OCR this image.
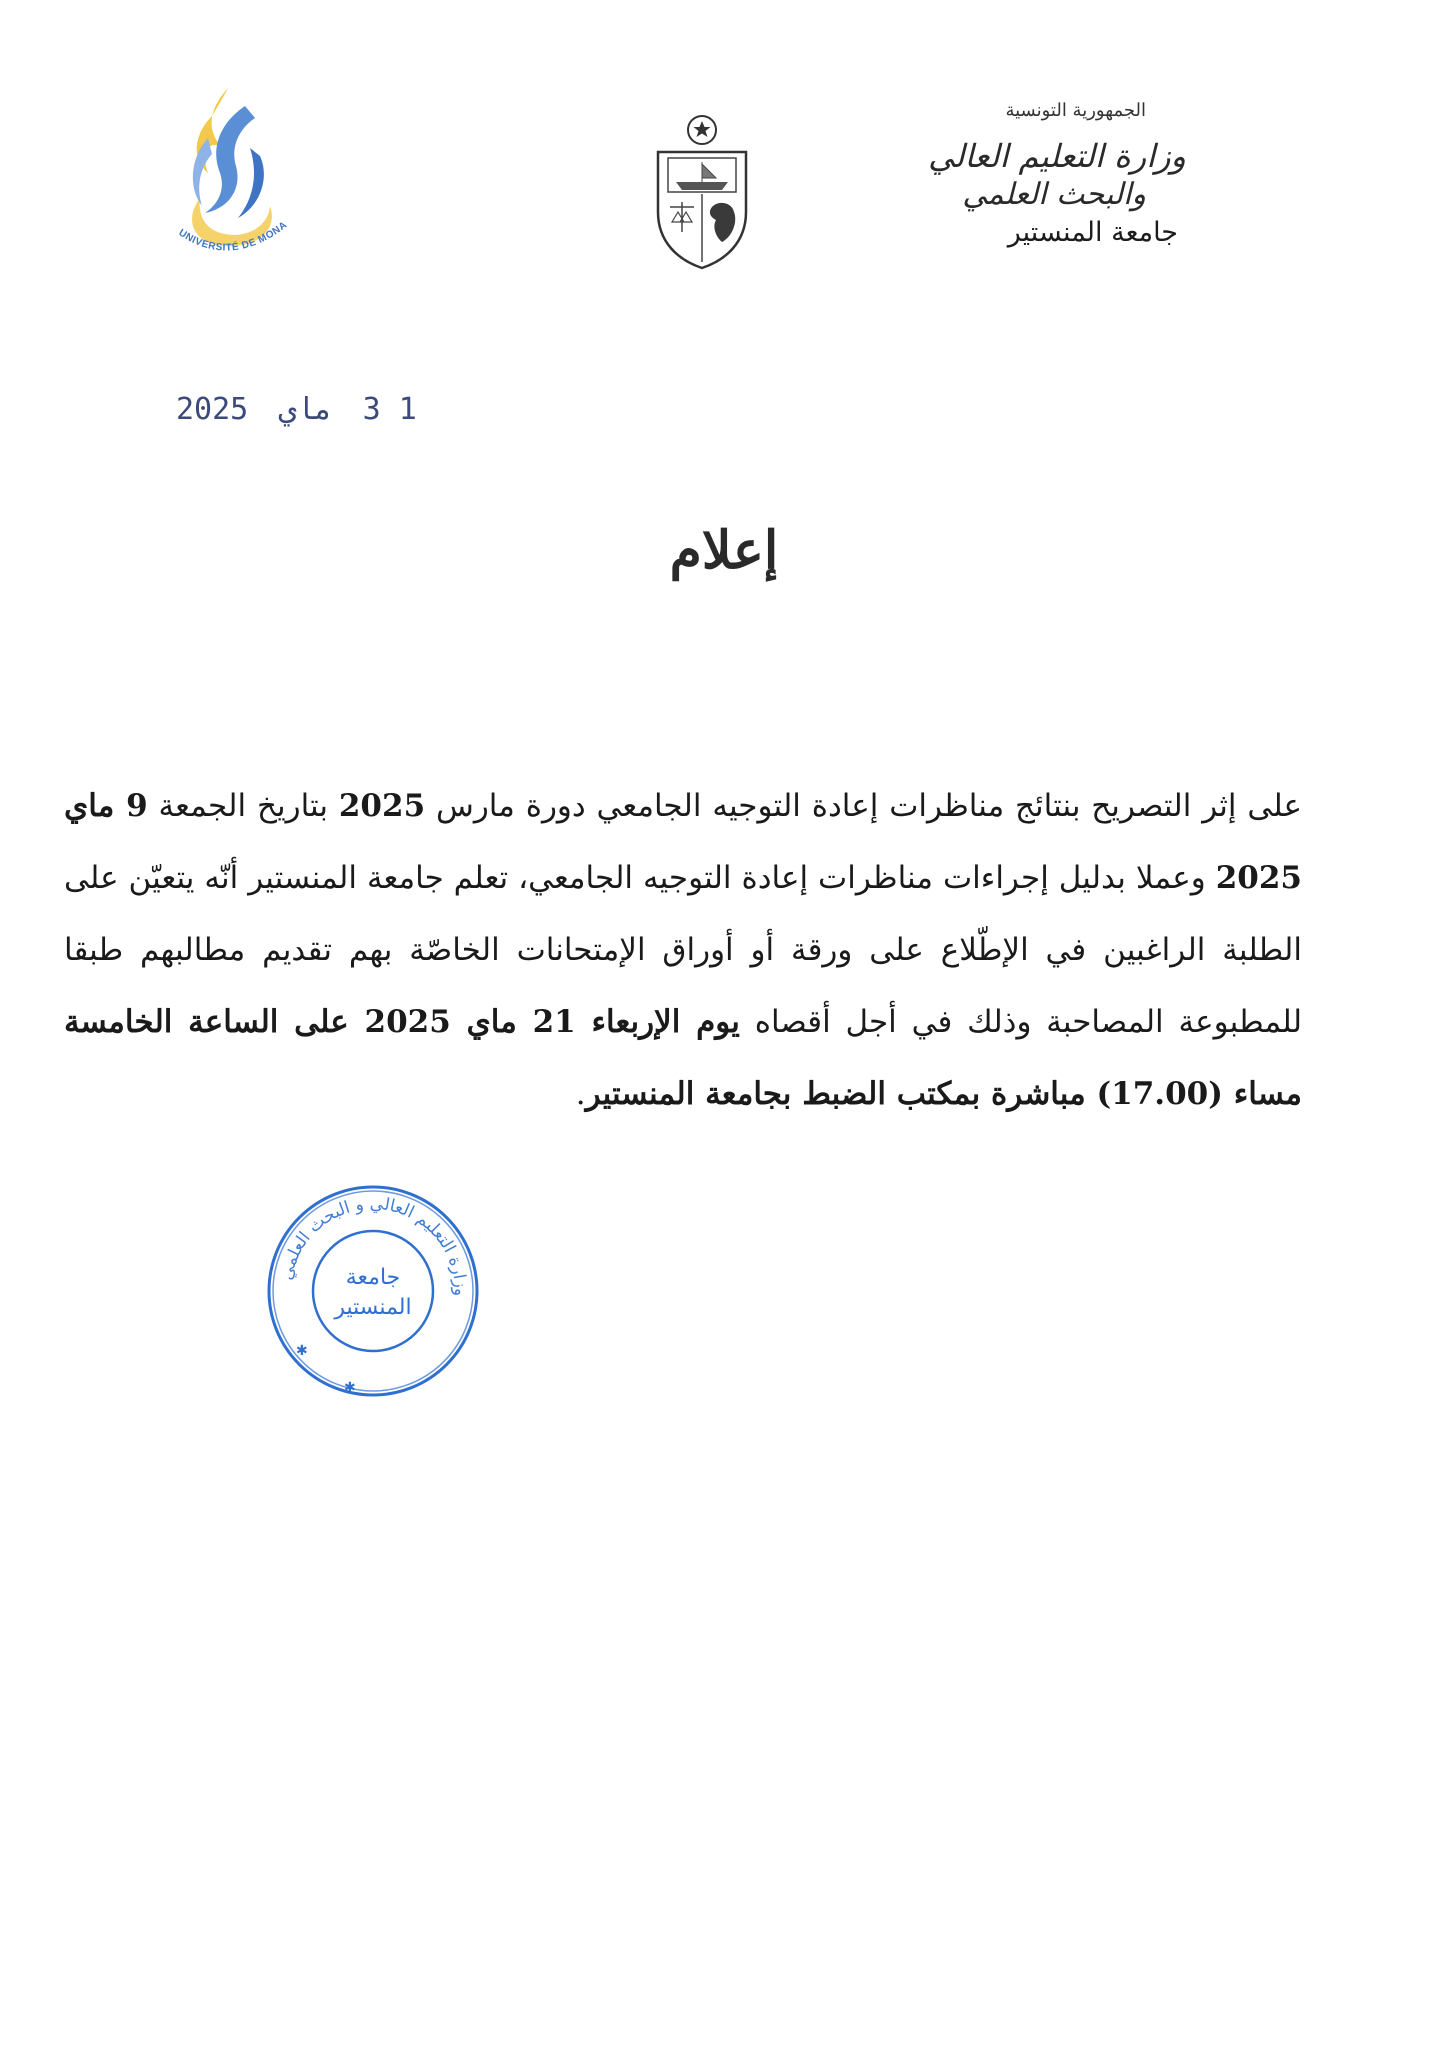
UNIVERSITÉ DE MONA
الجمهورية التونسية
وزارة التعليم العالي
والبحث العلمي
جامعة المنستير
1 3 ماي 2025
إعلام
على إثر التصريح بنتائج مناظرات إعادة التوجيه الجامعي دورة مارس 2025 بتاريخ الجمعة 9 ماي 2025 وعملا بدليل إجراءات مناظرات إعادة التوجيه الجامعي، تعلم جامعة المنستير أنّه يتعيّن على الطلبة الراغبين في الإطّلاع على ورقة أو أوراق الإمتحانات الخاصّة بهم تقديم مطالبهم طبقا للمطبوعة المصاحبة وذلك في أجل أقصاه يوم الإربعاء 21 ماي 2025 على الساعة الخامسة مساء (17.00) مباشرة بمكتب الضبط بجامعة المنستير.
وزارة التعليم العالي و البحث العلمي
جامعة
المنستير
✱
✱
